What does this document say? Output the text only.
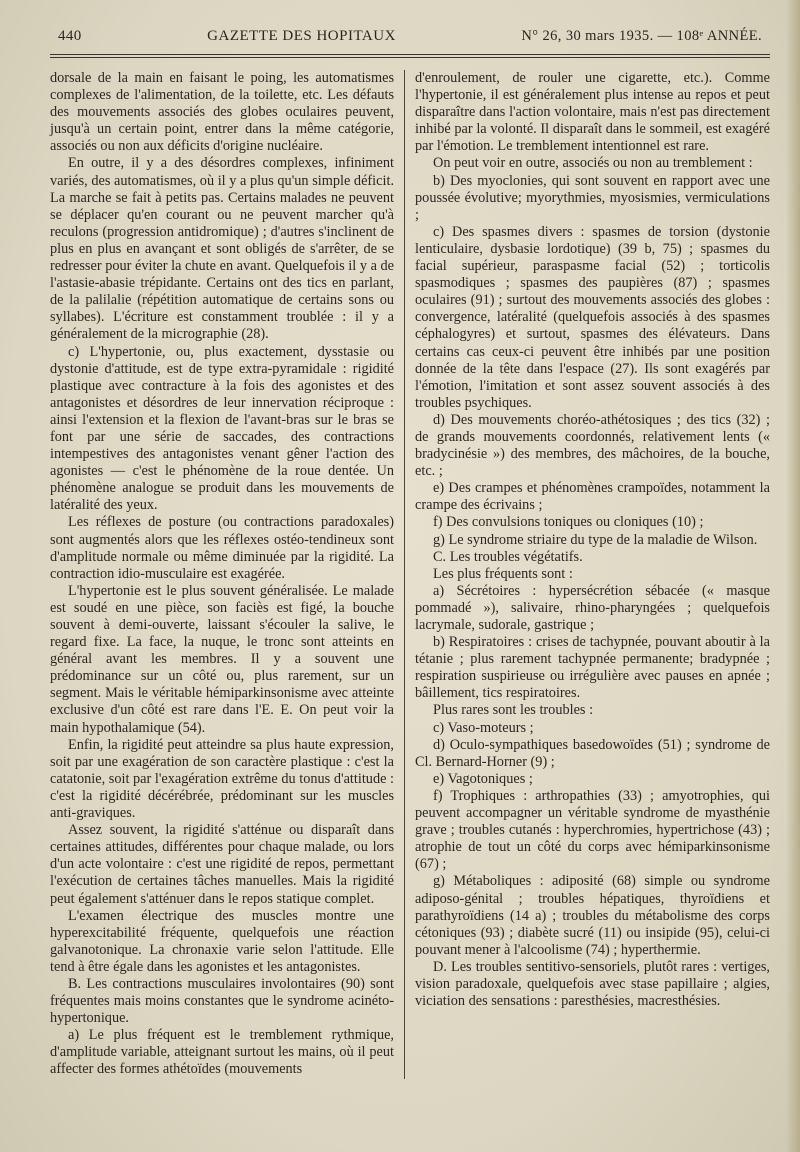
440	GAZETTE DES HOPITAUX	N° 26, 30 mars 1935. — 108ᵉ ANNÉE.

dorsale de la main en faisant le poing, les automatismes complexes de l'alimentation, de la toilette, etc. Les défauts des mouvements associés des globes oculaires peuvent, jusqu'à un certain point, entrer dans la même catégorie, associés ou non aux déficits d'origine nucléaire.

En outre, il y a des désordres complexes, infiniment variés, des automatismes, où il y a plus qu'un simple déficit. La marche se fait à petits pas. Certains malades ne peuvent se déplacer qu'en courant ou ne peuvent marcher qu'à reculons (progression antidromique) ; d'autres s'inclinent de plus en plus en avançant et sont obligés de s'arrêter, de se redresser pour éviter la chute en avant. Quelquefois il y a de l'astasie-abasie trépidante. Certains ont des tics en parlant, de la palilalie (répétition automatique de certains sons ou syllabes). L'écriture est constamment troublée : il y a généralement de la micrographie (28).

c) L'hypertonie, ou, plus exactement, dysstasie ou dystonie d'attitude, est de type extra-pyramidale : rigidité plastique avec contracture à la fois des agonistes et des antagonistes et désordres de leur innervation réciproque : ainsi l'extension et la flexion de l'avant-bras sur le bras se font par une série de saccades, des contractions intempestives des antagonistes venant gêner l'action des agonistes — c'est le phénomène de la roue dentée. Un phénomène analogue se produit dans les mouvements de latéralité des yeux.

Les réflexes de posture (ou contractions paradoxales) sont augmentés alors que les réflexes ostéo-tendineux sont d'amplitude normale ou même diminuée par la rigidité. La contraction idio-musculaire est exagérée.

L'hypertonie est le plus souvent généralisée. Le malade est soudé en une pièce, son faciès est figé, la bouche souvent à demi-ouverte, laissant s'écouler la salive, le regard fixe. La face, la nuque, le tronc sont atteints en général avant les membres. Il y a souvent une prédominance sur un côté ou, plus rarement, sur un segment. Mais le véritable hémiparkinsonisme avec atteinte exclusive d'un côté est rare dans l'E. E. On peut voir la main hypothalamique (54).

Enfin, la rigidité peut atteindre sa plus haute expression, soit par une exagération de son caractère plastique : c'est la catatonie, soit par l'exagération extrême du tonus d'attitude : c'est la rigidité décérébrée, prédominant sur les muscles anti-graviques.

Assez souvent, la rigidité s'atténue ou disparaît dans certaines attitudes, différentes pour chaque malade, ou lors d'un acte volontaire : c'est une rigidité de repos, permettant l'exécution de certaines tâches manuelles. Mais la rigidité peut également s'atténuer dans le repos statique complet.

L'examen électrique des muscles montre une hyperexcitabilité fréquente, quelquefois une réaction galvanotonique. La chronaxie varie selon l'attitude. Elle tend à être égale dans les agonistes et les antagonistes.

B. Les contractions musculaires involontaires (90) sont fréquentes mais moins constantes que le syndrome acinéto-hypertonique.

a) Le plus fréquent est le tremblement rythmique, d'amplitude variable, atteignant surtout les mains, où il peut affecter des formes athétoïdes (mouvements

d'enroulement, de rouler une cigarette, etc.). Comme l'hypertonie, il est généralement plus intense au repos et peut disparaître dans l'action volontaire, mais n'est pas directement inhibé par la volonté. Il disparaît dans le sommeil, est exagéré par l'émotion. Le tremblement intentionnel est rare.

On peut voir en outre, associés ou non au tremblement :

b) Des myoclonies, qui sont souvent en rapport avec une poussée évolutive; myorythmies, myosismies, vermiculations ;

c) Des spasmes divers : spasmes de torsion (dystonie lenticulaire, dysbasie lordotique) (39 b, 75) ; spasmes du facial supérieur, paraspasme facial (52) ; torticolis spasmodiques ; spasmes des paupières (87) ; spasmes oculaires (91) ; surtout des mouvements associés des globes : convergence, latéralité (quelquefois associés à des spasmes céphalogyres) et surtout, spasmes des élévateurs. Dans certains cas ceux-ci peuvent être inhibés par une position donnée de la tête dans l'espace (27). Ils sont exagérés par l'émotion, l'imitation et sont assez souvent associés à des troubles psychiques.

d) Des mouvements choréo-athétosiques ; des tics (32) ; de grands mouvements coordonnés, relativement lents (« bradycinésie ») des membres, des mâchoires, de la bouche, etc. ;

e) Des crampes et phénomènes crampoïdes, notamment la crampe des écrivains ;

f) Des convulsions toniques ou cloniques (10) ;

g) Le syndrome striaire du type de la maladie de Wilson.

C. Les troubles végétatifs.

Les plus fréquents sont :

a) Sécrétoires : hypersécrétion sébacée (« masque pommadé »), salivaire, rhino-pharyngées ; quelquefois lacrymale, sudorale, gastrique ;

b) Respiratoires : crises de tachypnée, pouvant aboutir à la tétanie ; plus rarement tachypnée permanente; bradypnée ; respiration suspirieuse ou irrégulière avec pauses en apnée ; bâillement, tics respiratoires.

Plus rares sont les troubles :

c) Vaso-moteurs ;

d) Oculo-sympathiques basedowoïdes (51) ; syndrome de Cl. Bernard-Horner (9) ;

e) Vagotoniques ;

f) Trophiques : arthropathies (33) ; amyotrophies, qui peuvent accompagner un véritable syndrome de myasthénie grave ; troubles cutanés : hyperchromies, hypertrichose (43) ; atrophie de tout un côté du corps avec hémiparkinsonisme (67) ;

g) Métaboliques : adiposité (68) simple ou syndrome adiposo-génital ; troubles hépatiques, thyroïdiens et parathyroïdiens (14 a) ; troubles du métabolisme des corps cétoniques (93) ; diabète sucré (11) ou insipide (95), celui-ci pouvant mener à l'alcoolisme (74) ; hyperthermie.

D. Les troubles sentitivo-sensoriels, plutôt rares : vertiges, vision paradoxale, quelquefois avec stase papillaire ; algies, viciation des sensations : paresthésies, macresthésies.
